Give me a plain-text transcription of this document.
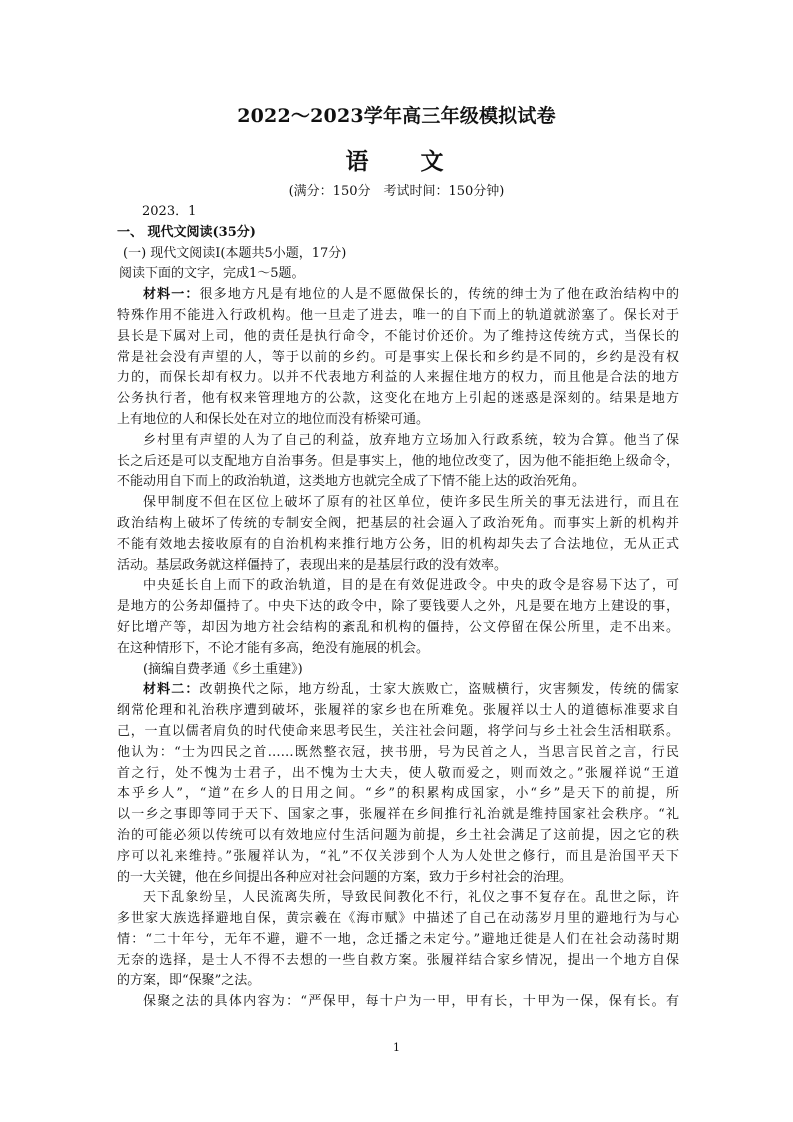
2022～2023学年高三年级模拟试卷
语文
(满分：150分　考试时间：150分钟)
2023．1
一、 现代文阅读(35分)
(一) 现代文阅读Ⅰ(本题共5小题，17分)
阅读下面的文字，完成1～5题。
材料一：很多地方凡是有地位的人是不愿做保长的，传统的绅士为了他在政治结构中的
特殊作用不能进入行政机构。他一旦走了进去，唯一的自下而上的轨道就淤塞了。保长对于
县长是下属对上司，他的责任是执行命令，不能讨价还价。为了维持这传统方式，当保长的
常是社会没有声望的人，等于以前的乡约。可是事实上保长和乡约是不同的，乡约是没有权
力的，而保长却有权力。以并不代表地方利益的人来握住地方的权力，而且他是合法的地方
公务执行者，他有权来管理地方的公款，这变化在地方上引起的迷惑是深刻的。结果是地方
上有地位的人和保长处在对立的地位而没有桥梁可通。
乡村里有声望的人为了自己的利益，放弃地方立场加入行政系统，较为合算。他当了保
长之后还是可以支配地方自治事务。但是事实上，他的地位改变了，因为他不能拒绝上级命令，
不能动用自下而上的政治轨道，这类地方也就完全成了下情不能上达的政治死角。
保甲制度不但在区位上破坏了原有的社区单位，使许多民生所关的事无法进行，而且在
政治结构上破坏了传统的专制安全阀，把基层的社会逼入了政治死角。而事实上新的机构并
不能有效地去接收原有的自治机构来推行地方公务，旧的机构却失去了合法地位，无从正式
活动。基层政务就这样僵持了，表现出来的是基层行政的没有效率。
中央延长自上而下的政治轨道，目的是在有效促进政令。中央的政令是容易下达了，可
是地方的公务却僵持了。中央下达的政令中，除了要钱要人之外，凡是要在地方上建设的事，
好比增产等，却因为地方社会结构的紊乱和机构的僵持，公文停留在保公所里，走不出来。
在这种情形下，不论才能有多高，绝没有施展的机会。
(摘编自费孝通《乡土重建》)
材料二：改朝换代之际，地方纷乱，士家大族败亡，盗贼横行，灾害频发，传统的儒家
纲常伦理和礼治秩序遭到破坏，张履祥的家乡也在所难免。张履祥以士人的道德标准要求自
己，一直以儒者肩负的时代使命来思考民生，关注社会问题，将学问与乡土社会生活相联系。
他认为：“士为四民之首……既然整衣冠，挟书册，号为民首之人，当思言民首之言，行民
首之行，处不愧为士君子，出不愧为士大夫，使人敬而爱之，则而效之。”张履祥说“王道
本乎乡人”，“道”在乡人的日用之间。“乡”的积累构成国家，小“乡”是天下的前提，所
以一乡之事即等同于天下、国家之事，张履祥在乡间推行礼治就是维持国家社会秩序。“礼
治的可能必须以传统可以有效地应付生活问题为前提，乡土社会满足了这前提，因之它的秩
序可以礼来维持。”张履祥认为，“礼”不仅关涉到个人为人处世之修行，而且是治国平天下
的一大关键，他在乡间提出各种应对社会问题的方案，致力于乡村社会的治理。
天下乱象纷呈，人民流离失所，导致民间教化不行，礼仪之事不复存在。乱世之际，许
多世家大族选择避地自保，黄宗羲在《海市赋》中描述了自己在动荡岁月里的避地行为与心
情：“二十年兮，无年不避，避不一地，念迁播之未定兮。”避地迁徙是人们在社会动荡时期
无奈的选择，是士人不得不去想的一些自救方案。张履祥结合家乡情况，提出一个地方自保
的方案，即“保聚”之法。
保聚之法的具体内容为：“严保甲，每十户为一甲，甲有长，十甲为一保，保有长。有
1
